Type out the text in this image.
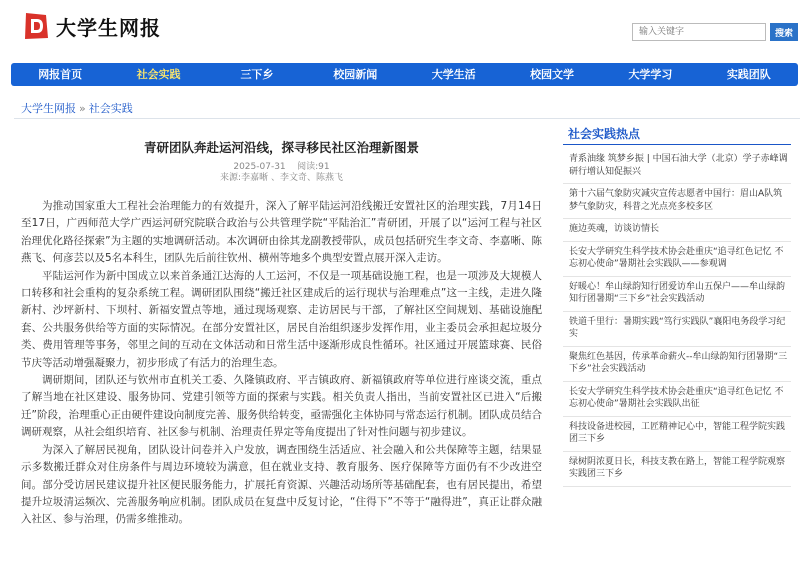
大学生网报
输入关键字	搜索
网报首页	社会实践	三下乡	校园新闻	大学生活	校园文学	大学学习	实践团队
大学生网报 » 社会实践
青研团队奔赴运河沿线，探寻移民社区治理新图景
2025-07-31 阅读:91
来源:李嘉晰 、李文奇、陈燕飞

为推动国家重大工程社会治理能力的有效提升，深入了解平陆运河沿线搬迁安置社区的治理实践，7月14日至17日，广西师范大学广西运河研究院联合政治与公共管理学院“平陆治汇”青研团，开展了以“运河工程与社区治理优化路径探索”为主题的实地调研活动。本次调研由徐其龙副教授带队，成员包括研究生李文奇、李嘉晰、陈燕飞、何彦芸以及5名本科生，团队先后前往钦州、横州等地多个典型安置点展开深入走访。

平陆运河作为新中国成立以来首条通江达海的人工运河，不仅是一项基础设施工程，也是一项涉及大规模人口转移和社会重构的复杂系统工程。调研团队围绕“搬迁社区建成后的运行现状与治理难点”这一主线，走进久隆新村、沙坪新村、下坝村、新福安置点等地，通过现场观察、走访居民与干部，了解社区空间规划、基础设施配套、公共服务供给等方面的实际情况。在部分安置社区，居民自治组织逐步发挥作用，业主委员会承担起垃圾分类、费用管理等事务，邻里之间的互动在文体活动和日常生活中逐渐形成良性循环。社区通过开展篮球赛、民俗节庆等活动增强凝聚力，初步形成了有活力的治理生态。

调研期间，团队还与钦州市直机关工委、久隆镇政府、平吉镇政府、新福镇政府等单位进行座谈交流，重点了解当地在社区建设、服务协同、党建引领等方面的探索与实践。相关负责人指出，当前安置社区已进入“后搬迁”阶段，治理重心正由硬件建设向制度完善、服务供给转变，亟需强化主体协同与常态运行机制。团队成员结合调研观察，从社会组织培育、社区参与机制、治理责任界定等角度提出了针对性问题与初步建议。

为深入了解居民视角，团队设计问卷并入户发放，调查围绕生活适应、社会融入和公共保障等主题，结果显示多数搬迁群众对住房条件与周边环境较为满意，但在就业支持、教育服务、医疗保障等方面仍有不少改进空间。部分受访居民建议提升社区便民服务能力，扩展托育资源、兴趣活动场所等基础配套，也有居民提出，希望提升垃圾清运频次、完善服务响应机制。团队成员在复盘中反复讨论，“住得下”不等于“融得进”，真正让群众融入社区、参与治理，仍需多维推动。

社会实践热点
青系油缘 筑梦乡振 | 中国石油大学（北京）学子赤峰调研行增认知促振兴
第十六届气象防灾减灾宣传志愿者中国行：眉山A队筑梦气象防灾，科普之光点亮多校多区
施边英魂，访谈访情长
长安大学研究生科学技术协会赴重庆“追寻红色记忆 不忘初心使命”暑期社会实践队——参观调
好暖心！牟山绿韵知行团爱访牟山五保户——牟山绿韵知行团暑期“三下乡”社会实践活动
铁道千里行：暑期实践“笃行实践队”襄阳电务段学习纪实
聚焦红色基因，传承革命薪火--牟山绿韵知行团暑期“三下乡”社会实践活动
长安大学研究生科学技术协会赴重庆“追寻红色记忆 不忘初心使命”暑期社会实践队出征
科技设备进校园，工匠精神记心中，智能工程学院实践团三下乡
绿树阴浓夏日长，科技支教在路上，智能工程学院观察实践团三下乡
